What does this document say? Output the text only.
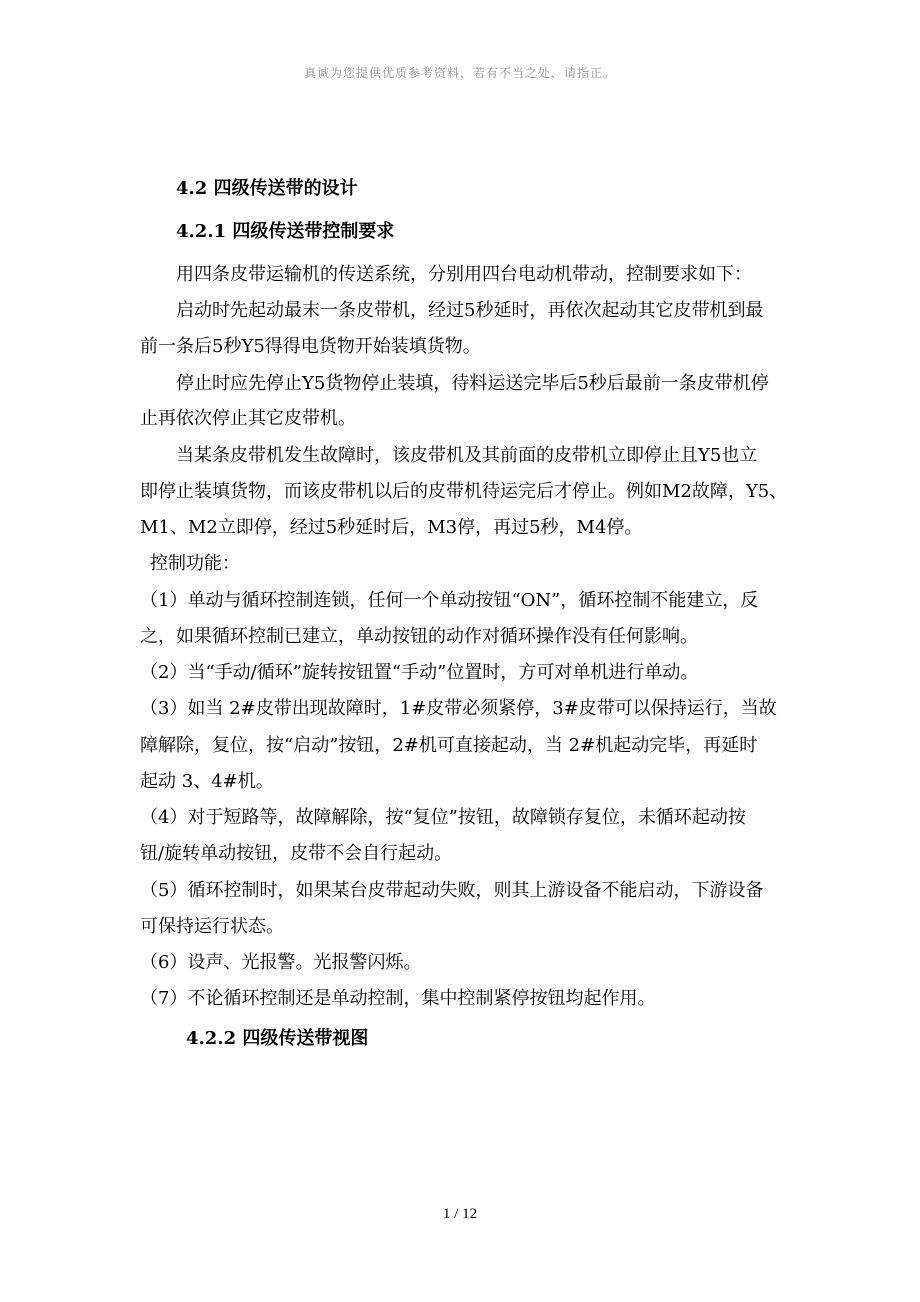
真诚为您提供优质参考资料，若有不当之处，请指正。
4.2 四级传送带的设计
4.2.1 四级传送带控制要求
用四条皮带运输机的传送系统，分别用四台电动机带动，控制要求如下：
启动时先起动最末一条皮带机，经过5秒延时，再依次起动其它皮带机到最
前一条后5秒Y5得得电货物开始装填货物。
停止时应先停止Y5货物停止装填，待料运送完毕后5秒后最前一条皮带机停
止再依次停止其它皮带机。
当某条皮带机发生故障时，该皮带机及其前面的皮带机立即停止且Y5也立
即停止装填货物，而该皮带机以后的皮带机待运完后才停止。例如M2故障，Y5、
M1、M2立即停，经过5秒延时后，M3停，再过5秒，M4停。
控制功能：
（1）单动与循环控制连锁，任何一个单动按钮“ON”，循环控制不能建立，反
之，如果循环控制已建立，单动按钮的动作对循环操作没有任何影响。
（2）当“手动/循环”旋转按钮置“手动”位置时，方可对单机进行单动。
（3）如当 2#皮带出现故障时，1#皮带必须紧停，3#皮带可以保持运行，当故
障解除，复位，按“启动”按钮，2#机可直接起动，当 2#机起动完毕，再延时
起动 3、4#机。
（4）对于短路等，故障解除，按“复位”按钮，故障锁存复位，未循环起动按
钮/旋转单动按钮，皮带不会自行起动。
（5）循环控制时，如果某台皮带起动失败，则其上游设备不能启动，下游设备
可保持运行状态。
（6）设声、光报警。光报警闪烁。
（7）不论循环控制还是单动控制，集中控制紧停按钮均起作用。
4.2.2 四级传送带视图
1 / 12
